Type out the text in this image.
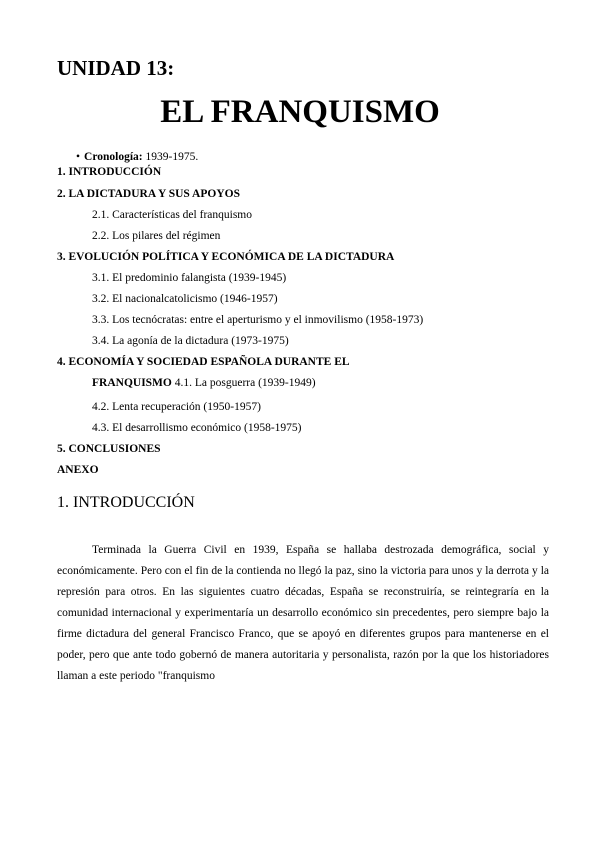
UNIDAD 13:
EL FRANQUISMO
• Cronología: 1939-1975.
1. INTRODUCCIÓN
2. LA DICTADURA Y SUS APOYOS
2.1. Características del franquismo
2.2. Los pilares del régimen
3. EVOLUCIÓN POLÍTICA Y ECONÓMICA DE LA DICTADURA
3.1. El predominio falangista (1939-1945)
3.2. El nacionalcatolicismo (1946-1957)
3.3. Los tecnócratas: entre el aperturismo y el inmovilismo (1958-1973)
3.4. La agonía de la dictadura (1973-1975)
4. ECONOMÍA Y SOCIEDAD ESPAÑOLA DURANTE EL
FRANQUISMO 4.1. La posguerra (1939-1949)
4.2. Lenta recuperación (1950-1957)
4.3. El desarrollismo económico (1958-1975)
5. CONCLUSIONES
ANEXO
1. INTRODUCCIÓN

Terminada la Guerra Civil en 1939, España se hallaba destrozada demográfica, social y económicamente. Pero con el fin de la contienda no llegó la paz, sino la victoria para unos y la derrota y la represión para otros. En las siguientes cuatro décadas, España se reconstruiría, se reintegraría en la comunidad internacional y experimentaría un desarrollo económico sin precedentes, pero siempre bajo la firme dictadura del general Francisco Franco, que se apoyó en diferentes grupos para mantenerse en el poder, pero que ante todo gobernó de manera autoritaria y personalista, razón por la que los historiadores llaman a este periodo "franquismo
